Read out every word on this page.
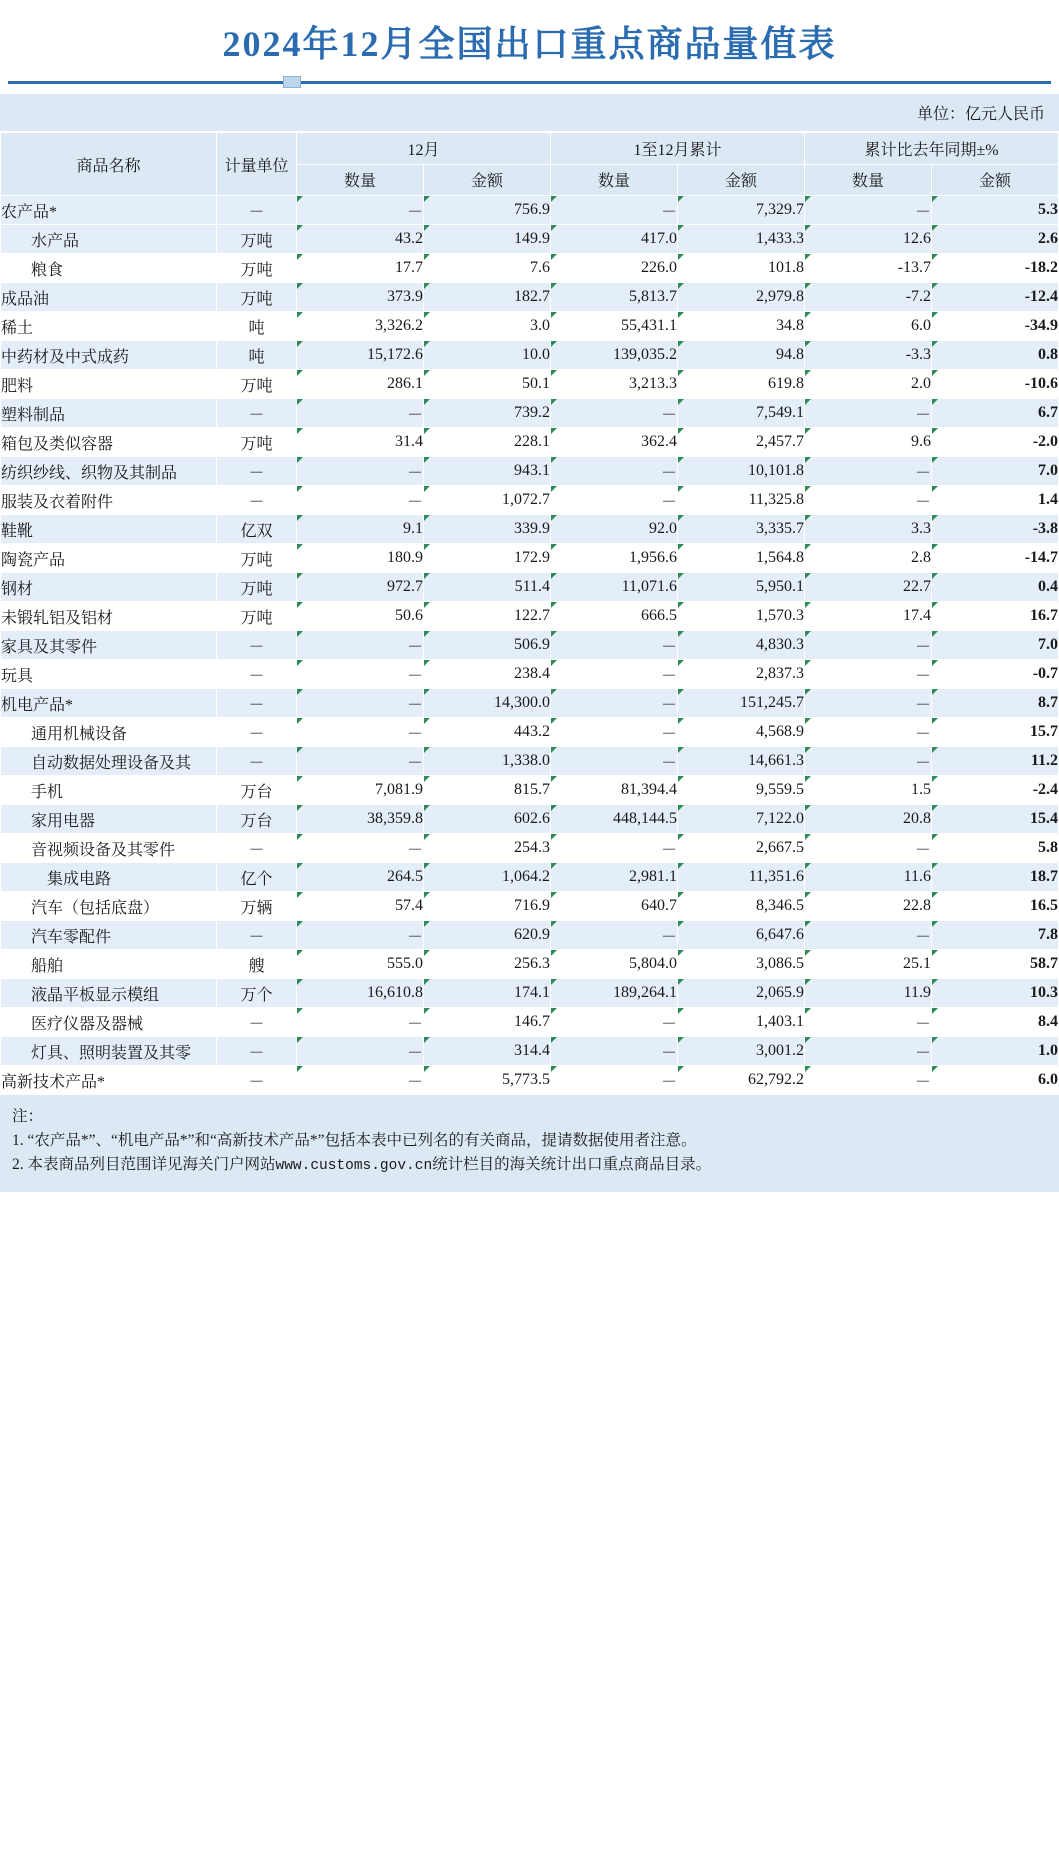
2024年12月全国出口重点商品量值表
单位：亿元人民币
商品名称	计量单位	12月		1至12月累计		累计比去年同期±%	
		数量	金额	数量	金额	数量	金额
农产品*	－	－	756.9	－	7,329.7	－	5.3
水产品	万吨	43.2	149.9	417.0	1,433.3	12.6	2.6
粮食	万吨	17.7	7.6	226.0	101.8	-13.7	-18.2
成品油	万吨	373.9	182.7	5,813.7	2,979.8	-7.2	-12.4
稀土	吨	3,326.2	3.0	55,431.1	34.8	6.0	-34.9
中药材及中式成药	吨	15,172.6	10.0	139,035.2	94.8	-3.3	0.8
肥料	万吨	286.1	50.1	3,213.3	619.8	2.0	-10.6
塑料制品	－	－	739.2	－	7,549.1	－	6.7
箱包及类似容器	万吨	31.4	228.1	362.4	2,457.7	9.6	-2.0
纺织纱线、织物及其制品	－	－	943.1	－	10,101.8	－	7.0
服装及衣着附件	－	－	1,072.7	－	11,325.8	－	1.4
鞋靴	亿双	9.1	339.9	92.0	3,335.7	3.3	-3.8
陶瓷产品	万吨	180.9	172.9	1,956.6	1,564.8	2.8	-14.7
钢材	万吨	972.7	511.4	11,071.6	5,950.1	22.7	0.4
未锻轧铝及铝材	万吨	50.6	122.7	666.5	1,570.3	17.4	16.7
家具及其零件	－	－	506.9	－	4,830.3	－	7.0
玩具	－	－	238.4	－	2,837.3	－	-0.7
机电产品*	－	－	14,300.0	－	151,245.7	－	8.7
通用机械设备	－	－	443.2	－	4,568.9	－	15.7
自动数据处理设备及其	－	－	1,338.0	－	14,661.3	－	11.2
手机	万台	7,081.9	815.7	81,394.4	9,559.5	1.5	-2.4
家用电器	万台	38,359.8	602.6	448,144.5	7,122.0	20.8	15.4
音视频设备及其零件	－	－	254.3	－	2,667.5	－	5.8
集成电路	亿个	264.5	1,064.2	2,981.1	11,351.6	11.6	18.7
汽车（包括底盘）	万辆	57.4	716.9	640.7	8,346.5	22.8	16.5
汽车零配件	－	－	620.9	－	6,647.6	－	7.8
船舶	艘	555.0	256.3	5,804.0	3,086.5	25.1	58.7
液晶平板显示模组	万个	16,610.8	174.1	189,264.1	2,065.9	11.9	10.3
医疗仪器及器械	－	－	146.7	－	1,403.1	－	8.4
灯具、照明装置及其零	－	－	314.4	－	3,001.2	－	1.0
高新技术产品*	－	－	5,773.5	－	62,792.2	－	6.0
注：
1. “农产品*”、“机电产品*”和“高新技术产品*”包括本表中已列名的有关商品，提请数据使用者注意。
2. 本表商品列目范围详见海关门户网站www.customs.gov.cn统计栏目的海关统计出口重点商品目录。
